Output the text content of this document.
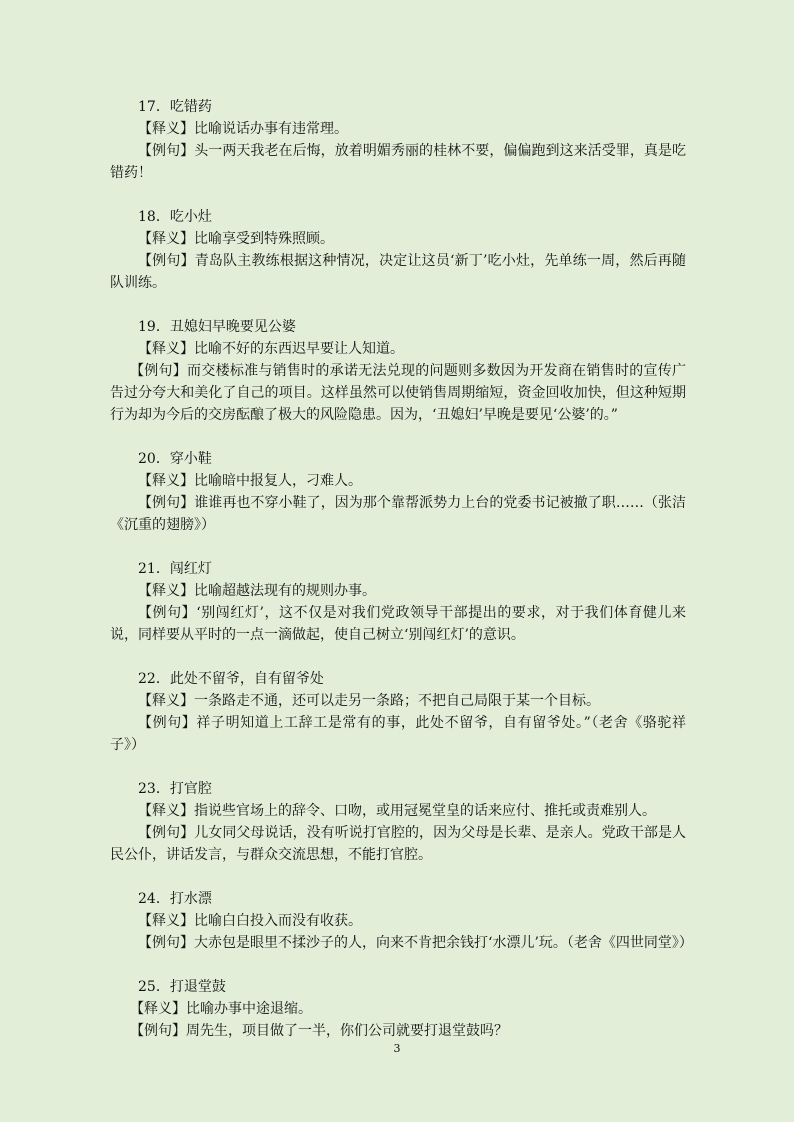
17．吃错药

【释义】比喻说话办事有违常理。

【例句】头一两天我老在后悔，放着明媚秀丽的桂林不要，偏偏跑到这来活受罪，真是吃错药！

18．吃小灶

【释义】比喻享受到特殊照顾。

【例句】青岛队主教练根据这种情况，决定让这员‘新丁’吃小灶，先单练一周，然后再随队训练。

19．丑媳妇早晚要见公婆

【释义】比喻不好的东西迟早要让人知道。

【例句】而交楼标准与销售时的承诺无法兑现的问题则多数因为开发商在销售时的宣传广告过分夸大和美化了自己的项目。这样虽然可以使销售周期缩短，资金回收加快，但这种短期行为却为今后的交房酝酿了极大的风险隐患。因为，‘丑媳妇’早晚是要见‘公婆’的。”

20．穿小鞋

【释义】比喻暗中报复人，刁难人。

【例句】谁谁再也不穿小鞋了，因为那个靠帮派势力上台的党委书记被撤了职……（张洁《沉重的翅膀》）

21．闯红灯

【释义】比喻超越法现有的规则办事。

【例句】‘别闯红灯’，这不仅是对我们党政领导干部提出的要求，对于我们体育健儿来说，同样要从平时的一点一滴做起，使自己树立‘别闯红灯’的意识。

22．此处不留爷，自有留爷处

【释义】一条路走不通，还可以走另一条路；不把自己局限于某一个目标。

【例句】祥子明知道上工辞工是常有的事，此处不留爷，自有留爷处。”（老舍《骆驼祥子》）

23．打官腔

【释义】指说些官场上的辞令、口吻，或用冠冕堂皇的话来应付、推托或责难别人。

【例句】儿女同父母说话，没有听说打官腔的，因为父母是长辈、是亲人。党政干部是人民公仆，讲话发言，与群众交流思想，不能打官腔。

24．打水漂

【释义】比喻白白投入而没有收获。

【例句】大赤包是眼里不揉沙子的人，向来不肯把余钱打‘水漂儿’玩。（老舍《四世同堂》）

25．打退堂鼓

【释义】比喻办事中途退缩。

【例句】周先生，项目做了一半，你们公司就要打退堂鼓吗？

3
